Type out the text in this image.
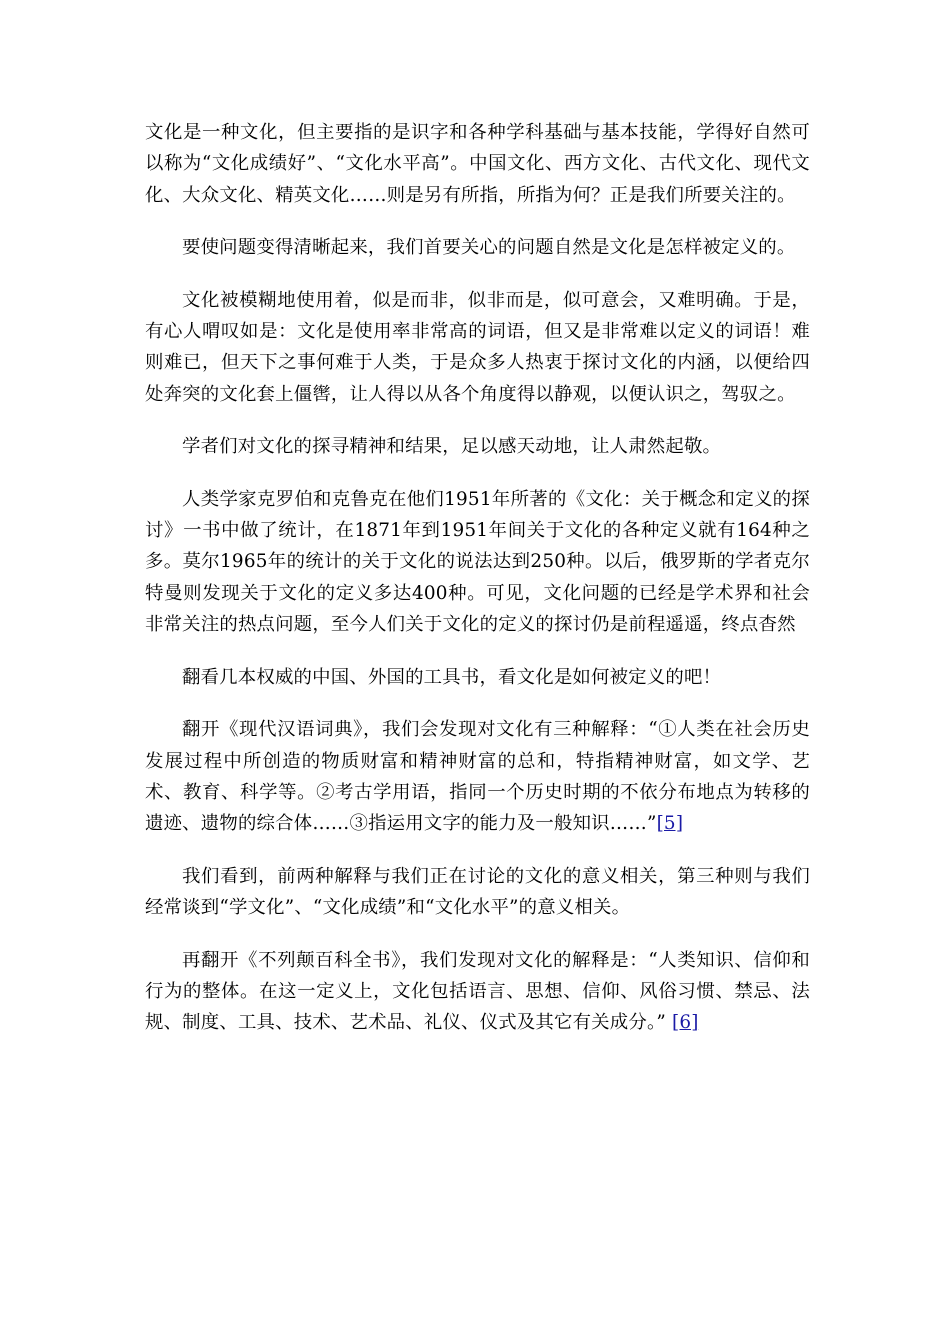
文化是一种文化，但主要指的是识字和各种学科基础与基本技能，学得好自然可以称为“文化成绩好”、“文化水平高”。中国文化、西方文化、古代文化、现代文化、大众文化、精英文化……则是另有所指，所指为何？正是我们所要关注的。

要使问题变得清晰起来，我们首要关心的问题自然是文化是怎样被定义的。

文化被模糊地使用着，似是而非，似非而是，似可意会，又难明确。于是，有心人喟叹如是：文化是使用率非常高的词语，但又是非常难以定义的词语！难则难已，但天下之事何难于人类，于是众多人热衷于探讨文化的内涵，以便给四处奔突的文化套上僵辔，让人得以从各个角度得以静观，以便认识之，驾驭之。

学者们对文化的探寻精神和结果，足以感天动地，让人肃然起敬。

人类学家克罗伯和克鲁克在他们1951年所著的《文化：关于概念和定义的探讨》一书中做了统计，在1871年到1951年间关于文化的各种定义就有164种之多。莫尔1965年的统计的关于文化的说法达到250种。以后，俄罗斯的学者克尔特曼则发现关于文化的定义多达400种。可见，文化问题的已经是学术界和社会非常关注的热点问题，至今人们关于文化的定义的探讨仍是前程遥遥，终点杳然

翻看几本权威的中国、外国的工具书，看文化是如何被定义的吧！

翻开《现代汉语词典》，我们会发现对文化有三种解释：“①人类在社会历史发展过程中所创造的物质财富和精神财富的总和，特指精神财富，如文学、艺术、教育、科学等。②考古学用语，指同一个历史时期的不依分布地点为转移的遗迹、遗物的综合体……③指运用文字的能力及一般知识……”[5]

我们看到，前两种解释与我们正在讨论的文化的意义相关，第三种则与我们经常谈到“学文化”、“文化成绩”和“文化水平”的意义相关。

再翻开《不列颠百科全书》，我们发现对文化的解释是：“人类知识、信仰和行为的整体。在这一定义上，文化包括语言、思想、信仰、风俗习惯、禁忌、法规、制度、工具、技术、艺术品、礼仪、仪式及其它有关成分。” [6]
